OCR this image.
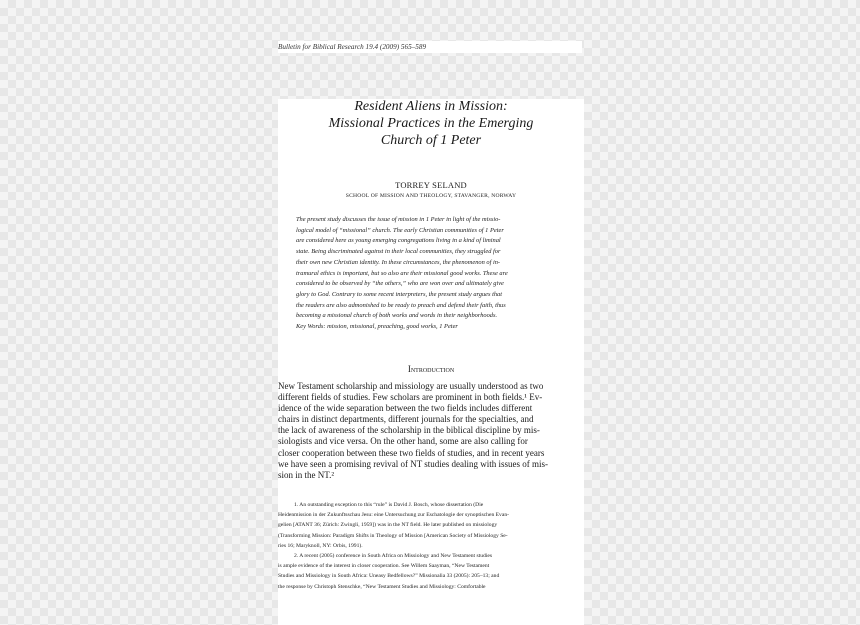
Bulletin for Biblical Research 19.4 (2009) 565–589
Resident Aliens in Mission:
Missional Practices in the Emerging
Church of 1 Peter
TORREY SELAND
SCHOOL OF MISSION AND THEOLOGY, STAVANGER, NORWAY
The present study discusses the issue of mission in 1 Peter in light of the missio-
logical model of “missional” church. The early Christian communities of 1 Peter
are considered here as young emerging congregations living in a kind of liminal
state. Being discriminated against in their local communities, they struggled for
their own new Christian identity. In these circumstances, the phenomenon of in-
tramural ethics is important, but so also are their missional good works. These are
considered to be observed by “the others,” who are won over and ultimately give
glory to God. Contrary to some recent interpreters, the present study argues that
the readers are also admonished to be ready to preach and defend their faith, thus
becoming a missional church of both works and words in their neighborhoods.
Key Words: mission, missional, preaching, good works, 1 Peter
Introduction
New Testament scholarship and missiology are usually understood as two
different fields of studies. Few scholars are prominent in both fields.¹ Ev-
idence of the wide separation between the two fields includes different
chairs in distinct departments, different journals for the specialties, and
the lack of awareness of the scholarship in the biblical discipline by mis-
siologists and vice versa. On the other hand, some are also calling for
closer cooperation between these two fields of studies, and in recent years
we have seen a promising revival of NT studies dealing with issues of mis-
sion in the NT.²
1. An outstanding exception to this “rule” is David J. Bosch, whose dissertation (Die
Heidenmission in der Zukunftsschau Jesu: eine Untersuchung zur Eschatologie der synoptischen Evan-
gelien [ATANT 36; Zürich: Zwingli, 1959]) was in the NT field. He later published on missiology
(Transforming Mission: Paradigm Shifts in Theology of Mission [American Society of Missiology Se-
ries 16; Maryknoll, NY: Orbis, 1991).
2. A recent (2005) conference in South Africa on Missiology and New Testament studies
is ample evidence of the interest in closer cooperation. See Willem Saayman, “New Testament
Studies and Missiology in South Africa: Uneasy Bedfellows?” Missionalia 33 (2005): 205–13; and
the response by Christoph Stenschke, “New Testament Studies and Missiology: Comfortable
